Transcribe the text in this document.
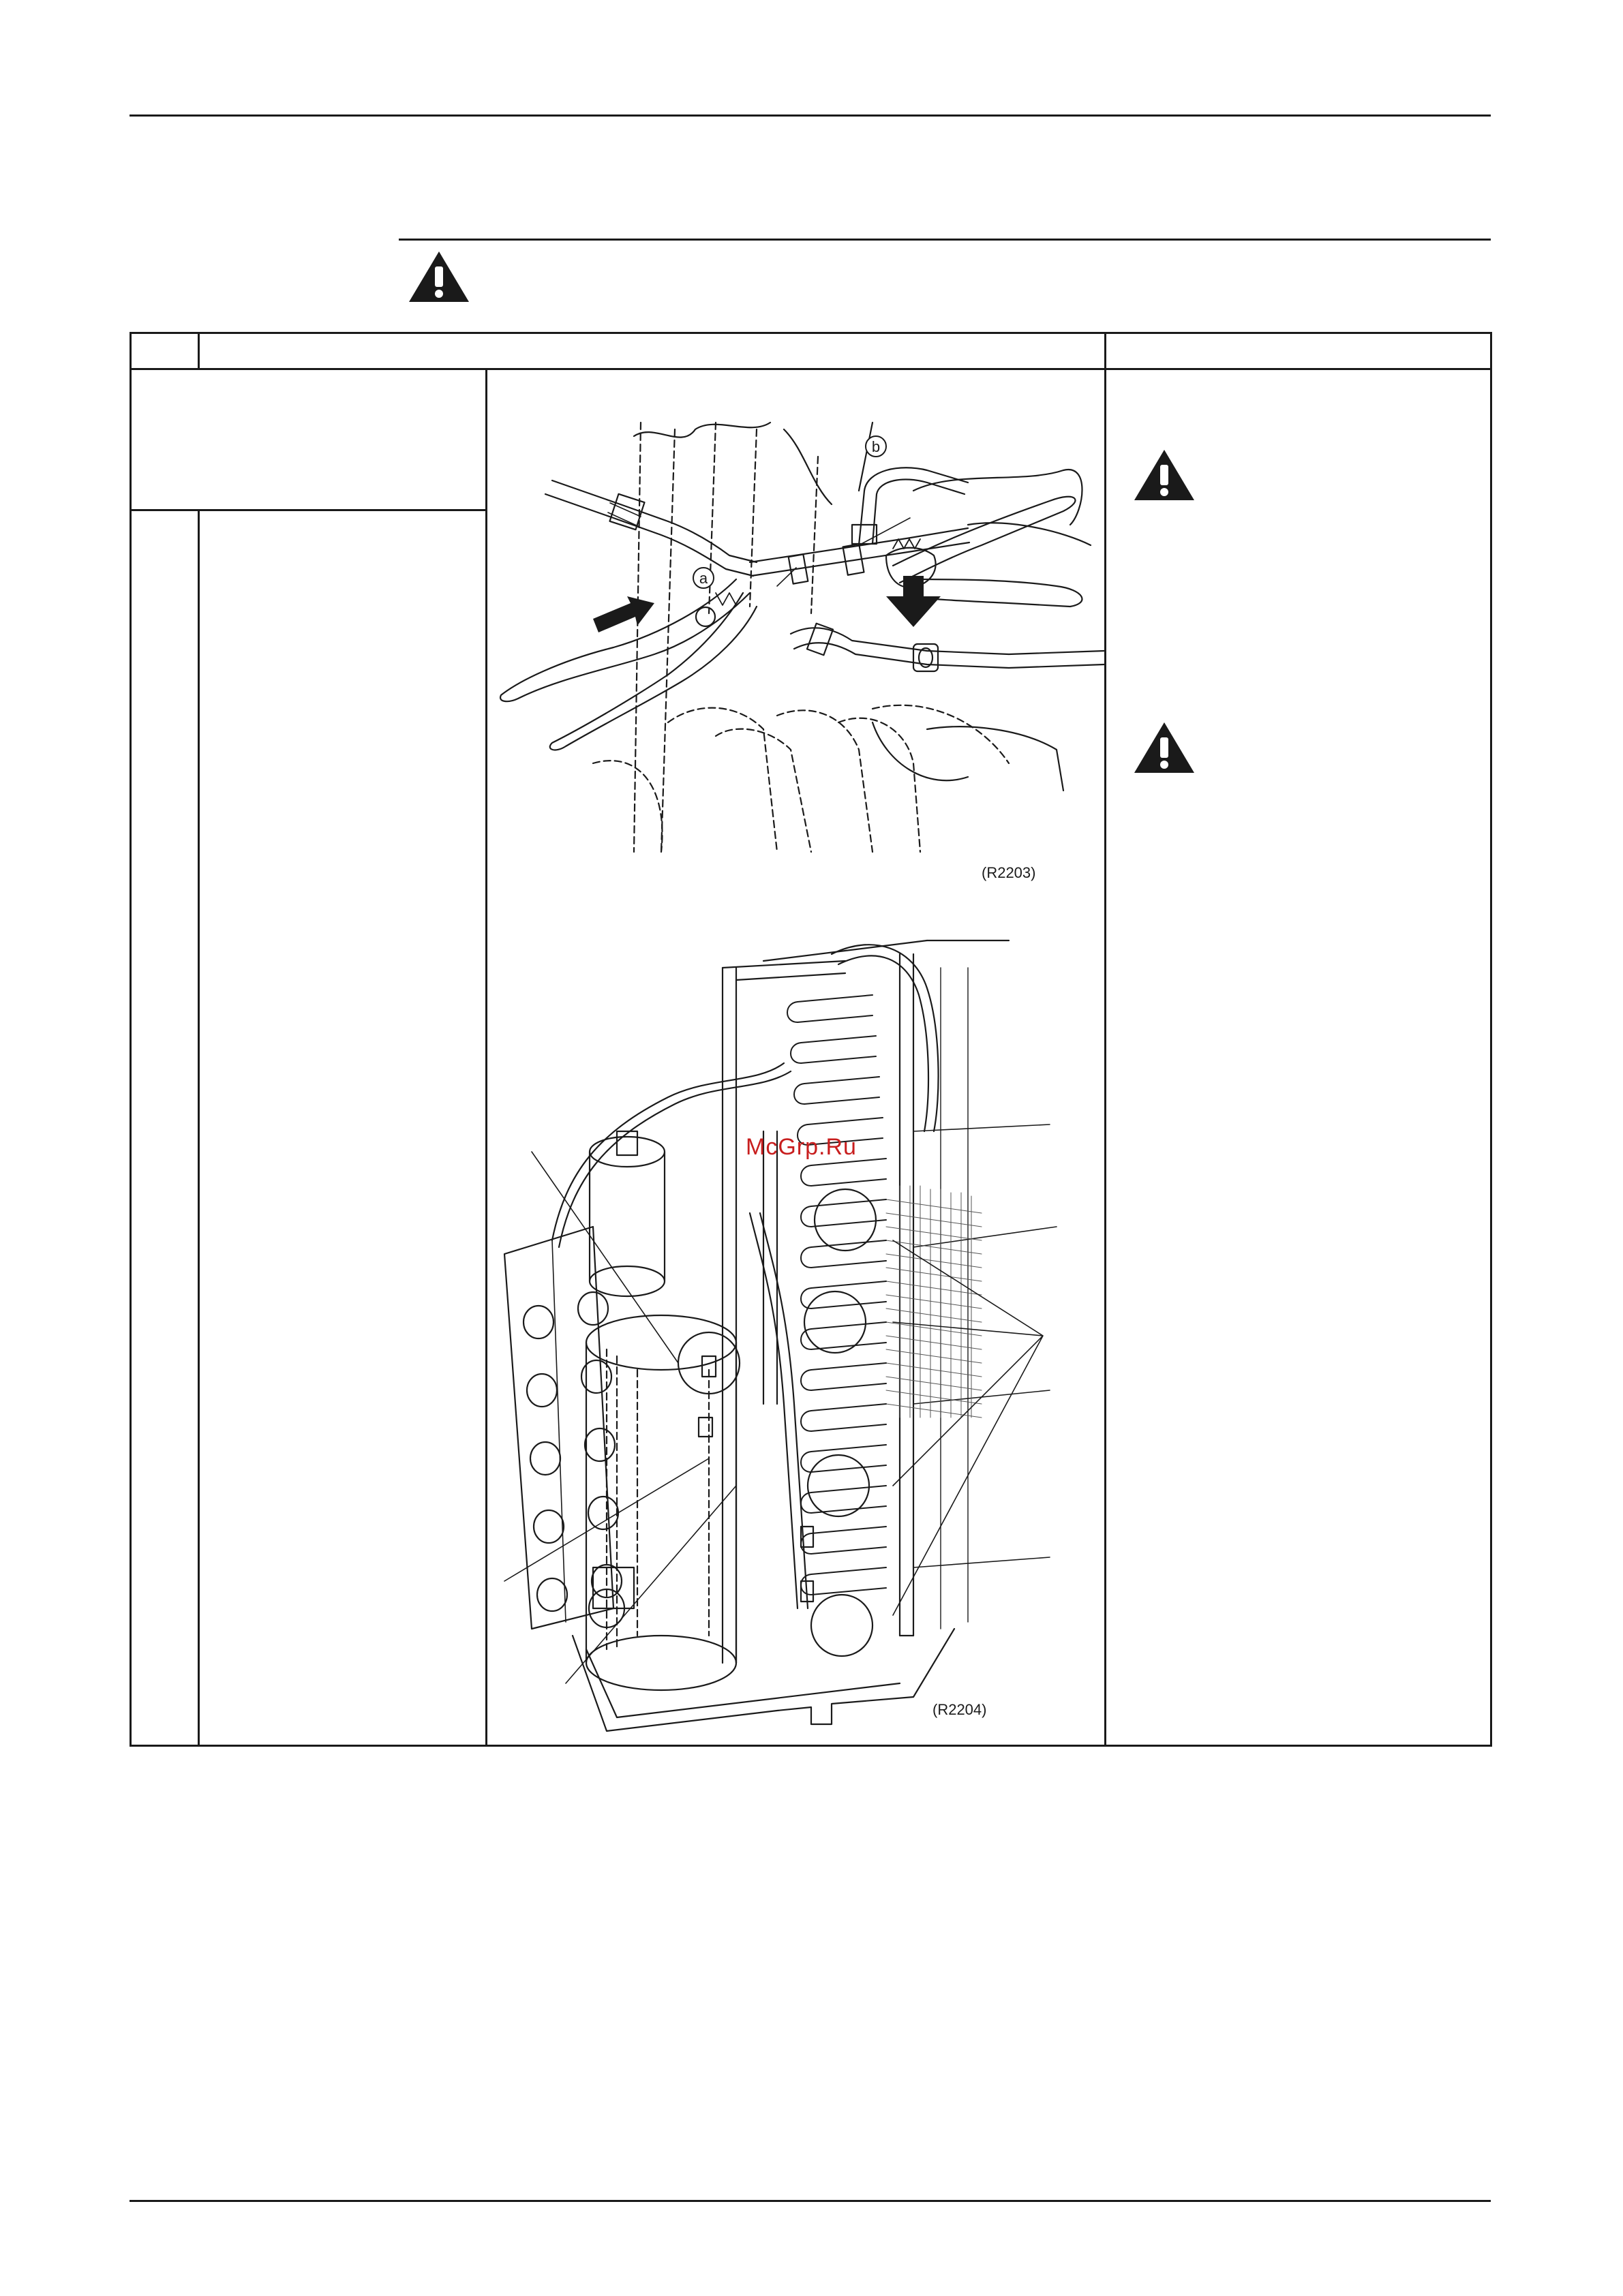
a
b
(R2203)
(R2204)
McGrp.Ru
